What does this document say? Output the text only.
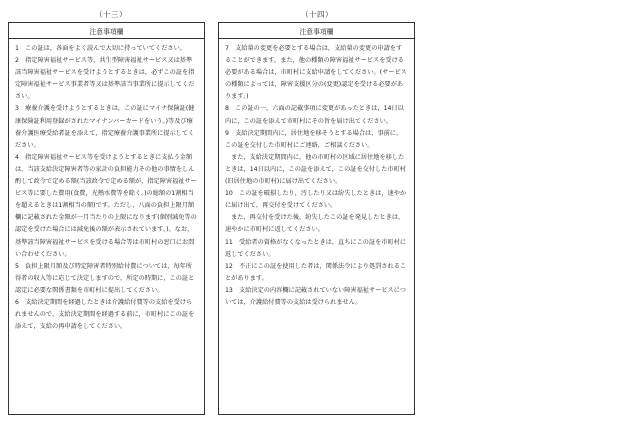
（十三）	（十四）
注意事項欄

1　この証は，各面をよく読んで大切に持っていてください。

2　指定障害福祉サービス等，共生型障害福祉サービス又は基準該当障害福祉サービスを受けようとするときは，必ずこの証を指定障害福祉サービス事業者等又は基準該当事業所に提示してください。

3　療養介護を受けようとするときは，この証にマイナ保険証(健康保険証利用登録がされたマイナンバーカードをいう。)等及び療養介護医療受給者証を添えて，指定療養介護事業所に提示してください。

4　指定障害福祉サービス等を受けようとするときに支払う金額は，当該支給決定障害者等の家計の負担能力その他の事情をしん酌して政令で定める額(当該政令で定める額が，指定障害福祉サービス等に要した費用(食費，光熱水費等を除く。)の総額の1割相当を超えるときは1割相当の額)です。ただし，八面の負担上限月額欄に記載された金額が一月当たりの上限になります(個別減免等の認定を受けた場合には減免後の額が表示されています。)。なお，基準該当障害福祉サービスを受ける場合等は市町村の窓口にお問い合わせください。

5　負担上限月額及び特定障害者特別給付費については，毎年所得者の収入等に応じて決定しますので，所定の時期に，この証と認定に必要な関係書類を市町村に提出してください。

6　支給決定期間を経過したときは介護給付費等の支給を受けられませんので，支給決定期間を経過する前に，市町村にこの証を添えて，支給の再申請をしてください。

注意事項欄

7　支給量の変更を必要とする場合は，支給量の変更の申請をすることができます。また，他の種類の障害福祉サービスを受ける必要がある場合は，市町村に支給申請をしてください。(サービスの種類によっては，障害支援区分の(変更)認定を受ける必要があります。)

8　この証の一，六面の記載事項に変更があったときは，14日以内に，この証を添えて市町村にその旨を届け出てください。

9　支給決定期間内に，居住地を移そうとする場合は，事前に，この証を交付した市町村にご連絡，ご相談ください。

また，支給決定期間内に，他の市町村の区域に居住地を移したときは，14日以内に，この証を添えて，この証を交付した市町村(旧居住地の市町村)に届け出てください。

10　この証を破損したり，汚したり又は紛失したときは，速やかに届け出て，再交付を受けてください。

また，再交付を受けた後，紛失したこの証を発見したときは，速やかに市町村に返してください。

11　受給者の資格がなくなったときは，直ちにこの証を市町村に返してください。

12　不正にこの証を使用した者は，関係法令により処罰されることがあります。

13　支給決定の内容欄に記載されていない障害福祉サービスについては，介護給付費等の支給は受けられません。
